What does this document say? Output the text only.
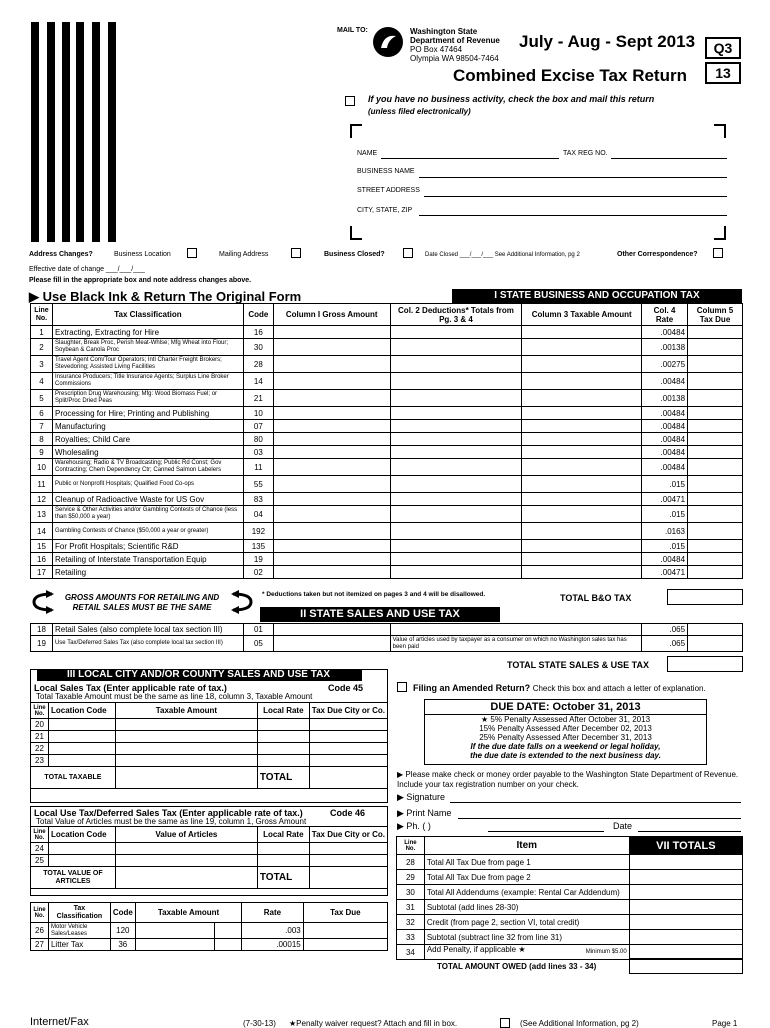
MAIL TO:	Washington State
Department of Revenue
PO Box 47464
Olympia WA 98504-7464
July - Aug - Sept 2013	Q3
13
Combined Excise Tax Return
If you have no business activity, check the box and mail this return
(unless filed electronically)
NAME	TAX REG NO.
BUSINESS NAME
STREET ADDRESS
CITY, STATE, ZIP
Address Changes?	Business Location	Mailing Address	Business Closed?	Date Closed ___/___/___ See Additional Information, pg 2	Other Correspondence?
Effective date of change ___/___/___
Please fill in the appropriate box and note address changes above.
▶ Use Black Ink & Return The Original Form	I STATE BUSINESS AND OCCUPATION TAX
Line No.	Tax Classification	Code	Column I Gross Amount	Col. 2 Deductions* Totals from Pg. 3 & 4	Column 3 Taxable Amount	Col. 4 Rate	Column 5 Tax Due
1	Extracting, Extracting for Hire	16				.00484	
2	Slaughter, Break Proc, Perish Meat-Whlse; Mfg Wheat into Flour; Soybean & Canola Proc	30				.00138	
3	Travel Agent Com/Tour Operators; Intl Charter Freight Brokers; Stevedoring; Assisted Living Facilities	28				.00275	
4	Insurance Producers; Title Insurance Agents; Surplus Line Broker Commissions	14				.00484	
5	Prescription Drug Warehousing; Mfg: Wood Biomass Fuel; or Split/Proc Dried Peas	21				.00138	
6	Processing for Hire; Printing and Publishing	10				.00484	
7	Manufacturing	07				.00484	
8	Royalties; Child Care	80				.00484	
9	Wholesaling	03				.00484	
10	Warehousing; Radio & TV Broadcasting; Public Rd Const; Gov Contracting; Chem Dependency Ctr; Canned Salmon Labelers	11				.00484	
11	Public or Nonprofit Hospitals; Qualified Food Co-ops	55				.015	
12	Cleanup of Radioactive Waste for US Gov	83				.00471	
13	Service & Other Activities and/or Gambling Contests of Chance (less than $50,000 a year)	04				.015	
14	Gambling Contests of Chance ($50,000 a year or greater)	192				.0163	
15	For Profit Hospitals; Scientific R&D	135				.015	
16	Retailing of Interstate Transportation Equip	19				.00484	
17	Retailing	02				.00471	
GROSS AMOUNTS FOR RETAILING AND RETAIL SALES MUST BE THE SAME
* Deductions taken but not itemized on pages 3 and 4 will be disallowed.	TOTAL B&O TAX
II STATE SALES AND USE TAX
18	Retail Sales (also complete local tax section III)	01			.065	
19	Use Tax/Deferred Sales Tax (also complete local tax section III)	05		Value of articles used by taxpayer as a consumer on which no Washington sales tax has been paid	.065	
TOTAL STATE SALES & USE TAX
III LOCAL CITY AND/OR COUNTY SALES AND USE TAX
Local Sales Tax (Enter applicable rate of tax.)	Code 45
Total Taxable Amount must be the same as line 18, column 3, Taxable Amount
Line No.	Location Code	Taxable Amount	Local Rate	Tax Due City or Co.
20				
21				
22				
23				
TOTAL TAXABLE			TOTAL	
Local Use Tax/Deferred Sales Tax (Enter applicable rate of tax.)	Code 46
Total Value of Articles must be the same as line 19, column 1, Gross Amount
Line No.	Location Code	Value of Articles	Local Rate	Tax Due City or Co.
24				
25				
TOTAL VALUE OF ARTICLES			TOTAL	
Line No.	Tax Classification	Code	Taxable Amount		Rate	Tax Due
26	Motor Vehicle Sales/Leases	120			.003	
27	Litter Tax	36			.00015	
Filing an Amended Return? Check this box and attach a letter of explanation.
DUE DATE: October 31, 2013
★ 5% Penalty Assessed After October 31, 2013
15% Penalty Assessed After December 02, 2013
25% Penalty Assessed After December 31, 2013
If the due date falls on a weekend or legal holiday,
the due date is extended to the next business day.
▶ Please make check or money order payable to the Washington State Department of Revenue. Include your tax registration number on your check.
▶ Signature
▶ Print Name
▶ Ph. ( )	Date
Line No.	Item	VII TOTALS
28	Total All Tax Due from page 1	
29	Total All Tax Due from page 2	
30	Total All Addendums (example: Rental Car Addendum)	
31	Subtotal (add lines 28-30)	
32	Credit (from page 2, section VI, total credit)	
33	Subtotal (subtract line 32 from line 31)	
34	Add Penalty, if applicable ★ Minimum $5.00	

TOTAL AMOUNT OWED (add lines 33 - 34)
Internet/Fax	(7-30-13) ★Penalty waiver request? Attach and fill in box.	(See Additional Information, pg 2)	Page 1
